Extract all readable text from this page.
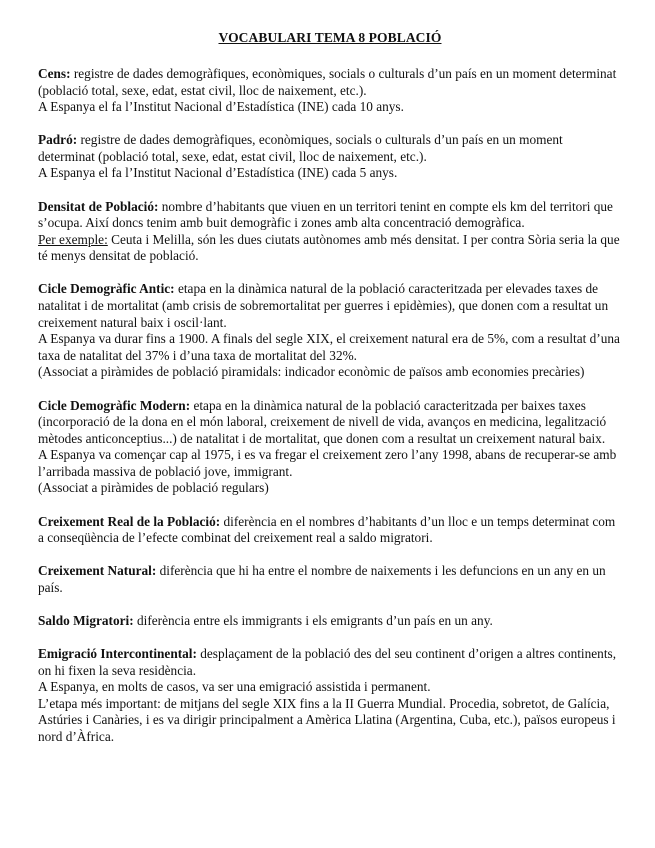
VOCABULARI TEMA 8 POBLACIÓ

Cens: registre de dades demogràfiques, econòmiques, socials o culturals d’un país en un moment determinat (població total, sexe, edat, estat civil, lloc de naixement, etc.).

A Espanya el fa l’Institut Nacional d’Estadística (INE) cada 10 anys.

Padró: registre de dades demogràfiques, econòmiques, socials o culturals d’un país en un moment determinat (població total, sexe, edat, estat civil, lloc de naixement, etc.).

A Espanya el fa l’Institut Nacional d’Estadística (INE) cada 5 anys.

Densitat de Població: nombre d’habitants que viuen en un territori tenint en compte els km del territori que s’ocupa. Així doncs tenim amb buit demogràfic i zones amb alta concentració demogràfica.

Per exemple: Ceuta i Melilla, són les dues ciutats autònomes amb més densitat. I per contra Sòria seria la que té menys densitat de població.

Cicle Demogràfic Antic: etapa en la dinàmica natural de la població caracteritzada per elevades taxes de natalitat i de mortalitat (amb crisis de sobremortalitat per guerres i epidèmies), que donen com a resultat un creixement natural baix i oscil·lant.

A Espanya va durar fins a 1900. A finals del segle XIX, el creixement natural era de 5%, com a resultat d’una taxa de natalitat del 37% i d’una taxa de mortalitat del 32%.

(Associat a piràmides de població piramidals: indicador econòmic de països amb economies precàries)

Cicle Demogràfic Modern: etapa en la dinàmica natural de la població caracteritzada per baixes taxes (incorporació de la dona en el món laboral, creixement de nivell de vida, avanços en medicina, legalització mètodes anticonceptius...) de natalitat i de mortalitat, que donen com a resultat un creixement natural baix.

A Espanya va començar cap al 1975, i es va fregar el creixement zero l’any 1998, abans de recuperar-se amb l’arribada massiva de població jove, immigrant.

(Associat a piràmides de població regulars)

Creixement Real de la Població: diferència en el nombres d’habitants d’un lloc e un temps determinat com a conseqüència de l’efecte combinat del creixement real a saldo migratori.

Creixement Natural: diferència que hi ha entre el nombre de naixements i les defuncions en un any en un país.

Saldo Migratori: diferència entre els immigrants i els emigrants d’un país en un any.

Emigració Intercontinental: desplaçament de la població des del seu continent d’origen a altres continents, on hi fixen la seva residència.

A Espanya, en molts de casos, va ser una emigració assistida i permanent.

L’etapa més important: de mitjans del segle XIX fins a la II Guerra Mundial. Procedia, sobretot, de Galícia, Astúries i Canàries, i es va dirigir principalment a Amèrica Llatina (Argentina, Cuba, etc.), països europeus i nord d’Àfrica.
